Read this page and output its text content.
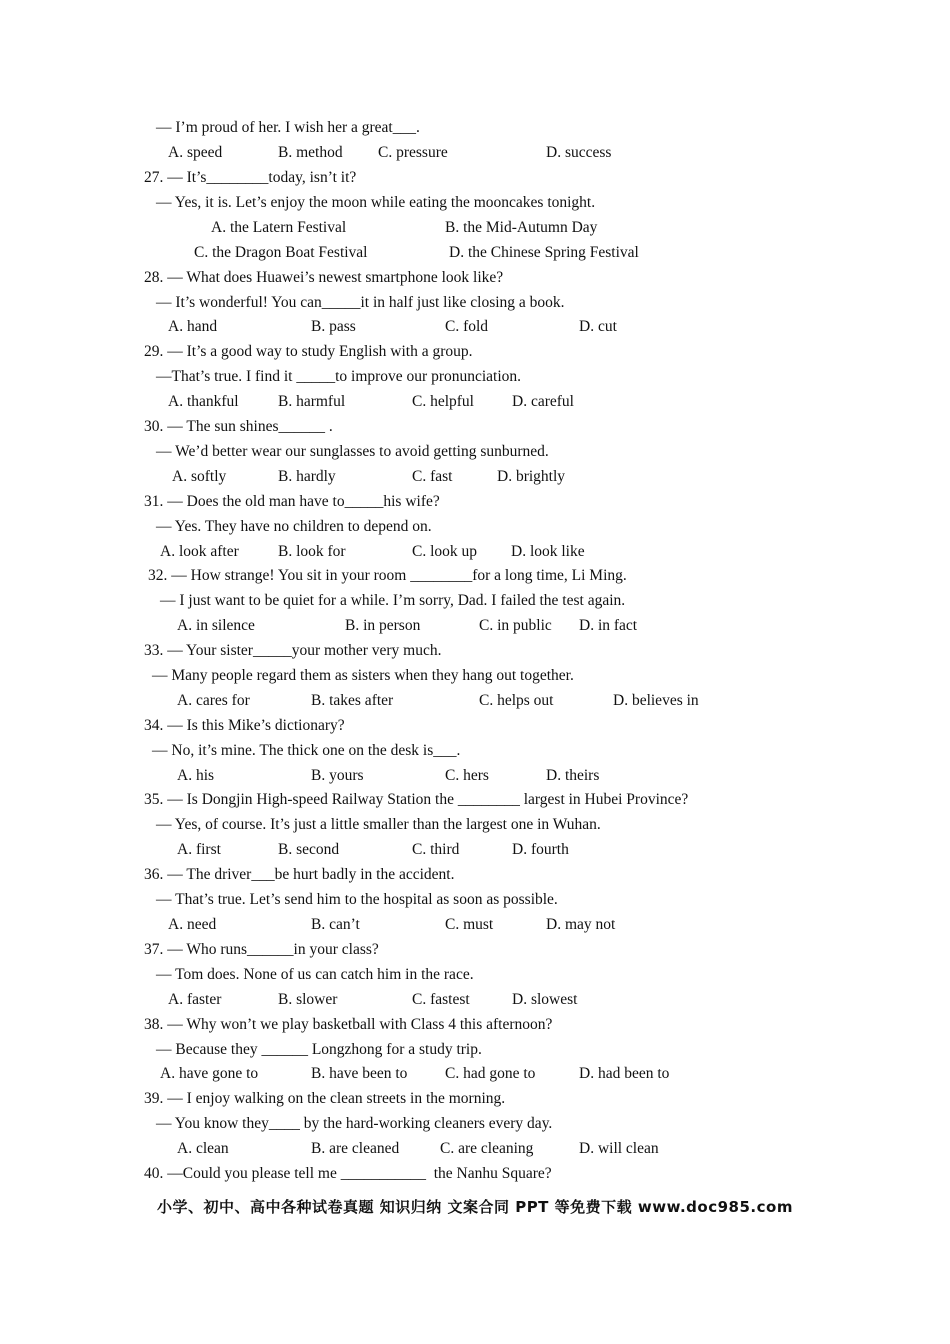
— I’m proud of her. I wish her a great___.
A. speed	B. method C. pressure	D. success
27. — It’s________today, isn’t it?
— Yes, it is. Let’s enjoy the moon while eating the mooncakes tonight.
A. the Latern Festival	B. the Mid-Autumn Day
C. the Dragon Boat Festival	D. the Chinese Spring Festival
28. — What does Huawei’s newest smartphone look like?
— It’s wonderful! You can_____it in half just like closing a book.
A. hand	B. pass	C. fold	D. cut
29. — It’s a good way to study English with a group.
—That’s true. I find it _____to improve our pronunciation.
A. thankful	B. harmful	C. helpful D. careful
30. — The sun shines______ .
— We’d better wear our sunglasses to avoid getting sunburned.
A. softly	B. hardly	C. fast	D. brightly
31. — Does the old man have to_____his wife?
— Yes. They have no children to depend on.
A. look after	B. look for	C. look up D. look like
32. — How strange! You sit in your room ________for a long time, Li Ming.
— I just want to be quiet for a while. I’m sorry, Dad. I failed the test again.
A. in silence	B. in person	C. in public D. in fact
33. — Your sister_____your mother very much.
— Many people regard them as sisters when they hang out together.
A. cares for	B. takes after	C. helps out	D. believes in
34. — Is this Mike’s dictionary?
— No, it’s mine. The thick one on the desk is___.
A. his	B. yours	C. hers	D. theirs
35. — Is Dongjin High-speed Railway Station the ________ largest in Hubei Province?
— Yes, of course. It’s just a little smaller than the largest one in Wuhan.
A. first	B. second	C. third	D. fourth
36. — The driver___be hurt badly in the accident.
— That’s true. Let’s send him to the hospital as soon as possible.
A. need	B. can’t	C. must	D. may not
37. — Who runs______in your class?
— Tom does. None of us can catch him in the race.
A. faster	B. slower	C. fastest	D. slowest
38. — Why won’t we play basketball with Class 4 this afternoon?
— Because they ______ Longzhong for a study trip.
A. have gone to	B. have been to C. had gone to	D. had been to
39. — I enjoy walking on the clean streets in the morning.
— You know they____ by the hard-working cleaners every day.
A. clean	B. are cleaned	C. are cleaning	D. will clean
40. —Could you please tell me ___________  the Nanhu Square?
小学、初中、高中各种试卷真题 知识归纳 文案合同 PPT 等免费下载 www.doc985.com
